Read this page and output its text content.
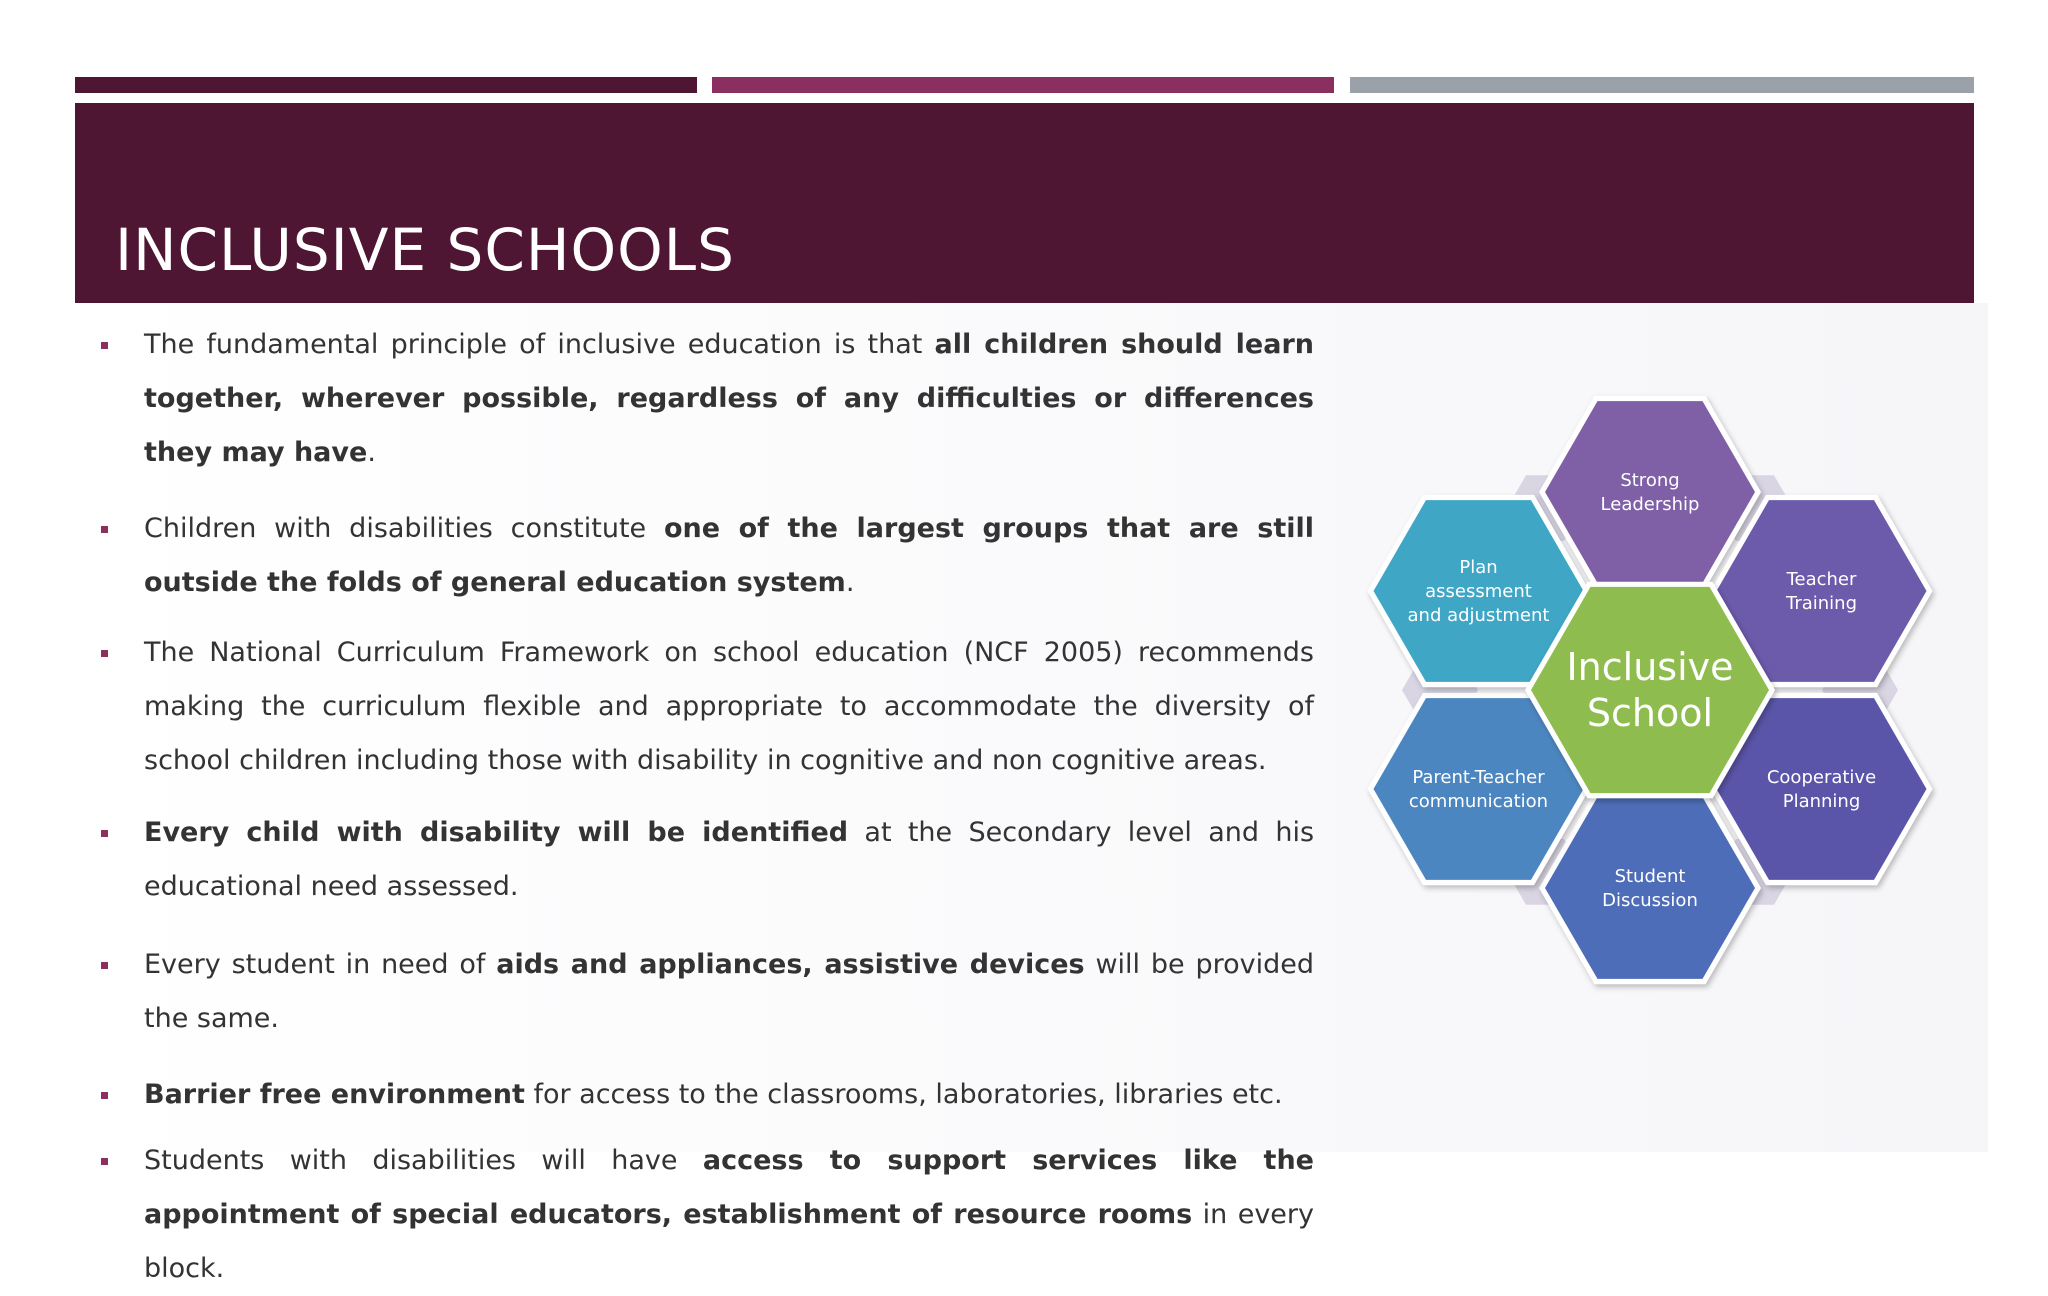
INCLUSIVE SCHOOLS
The fundamental principle of inclusive education is that all children should learn together, wherever possible, regardless of any difficulties or differences they may have.
Children with disabilities constitute one of the largest groups that are still outside the folds of general education system.
The National Curriculum Framework on school education (NCF 2005) recommends making the curriculum flexible and appropriate to accommodate the diversity of school children including those with disability in cognitive and non cognitive areas.
Every child with disability will be identified at the Secondary level and his educational need assessed.
Every student in need of aids and appliances, assistive devices will be provided the same.
Barrier free environment for access to the classrooms, laboratories, libraries etc.
Students with disabilities will have access to support services like the appointment of special educators, establishment of resource rooms in every block.
Strong
Leadership
Teacher
Training
Cooperative
Planning
Student
Discussion
Parent-Teacher
communication
Plan
assessment
and adjustment
Inclusive
School
